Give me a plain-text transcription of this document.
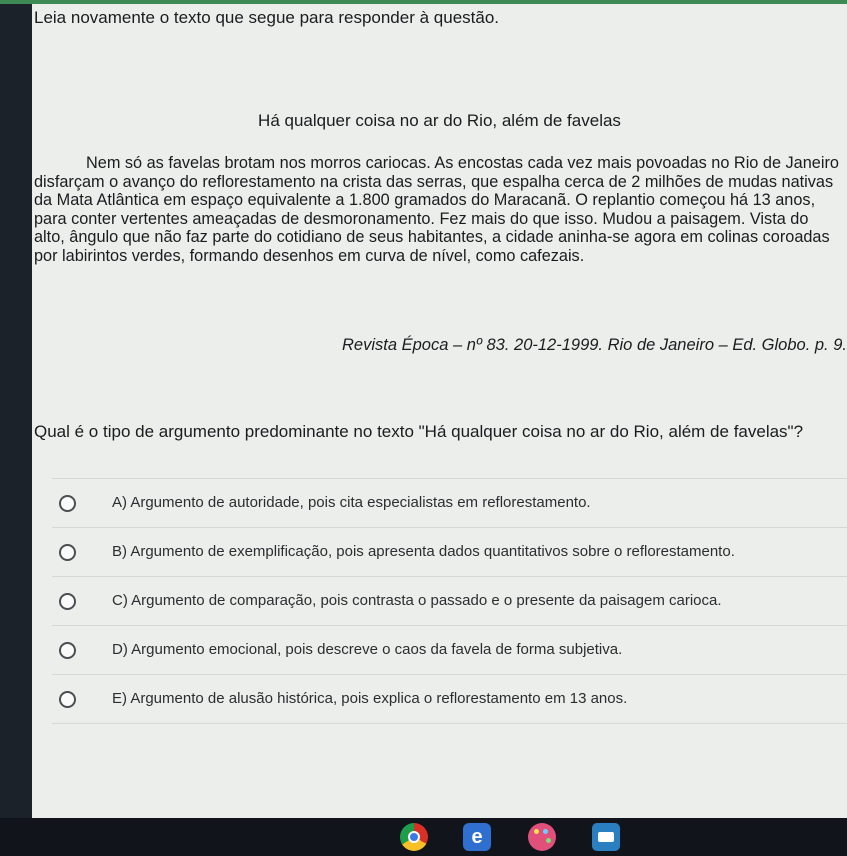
Leia novamente o texto que segue para responder à questão.

Há qualquer coisa no ar do Rio, além de favelas

Nem só as favelas brotam nos morros cariocas. As encostas cada vez mais povoadas no Rio de Janeiro disfarçam o avanço do reflorestamento na crista das serras, que espalha cerca de 2 milhões de mudas nativas da Mata Atlântica em espaço equivalente a 1.800 gramados do Maracanã. O replantio começou há 13 anos, para conter vertentes ameaçadas de desmoronamento. Fez mais do que isso. Mudou a paisagem. Vista do alto, ângulo que não faz parte do cotidiano de seus habitantes, a cidade aninha-se agora em colinas coroadas por labirintos verdes, formando desenhos em curva de nível, como cafezais.

Revista Época – nº 83. 20-12-1999. Rio de Janeiro – Ed. Globo. p. 9.

Qual é o tipo de argumento predominante no texto "Há qualquer coisa no ar do Rio, além de favelas"?

A) Argumento de autoridade, pois cita especialistas em reflorestamento.
B) Argumento de exemplificação, pois apresenta dados quantitativos sobre o reflorestamento.
C) Argumento de comparação, pois contrasta o passado e o presente da paisagem carioca.
D) Argumento emocional, pois descreve o caos da favela de forma subjetiva.
E) Argumento de alusão histórica, pois explica o reflorestamento em 13 anos.
e
